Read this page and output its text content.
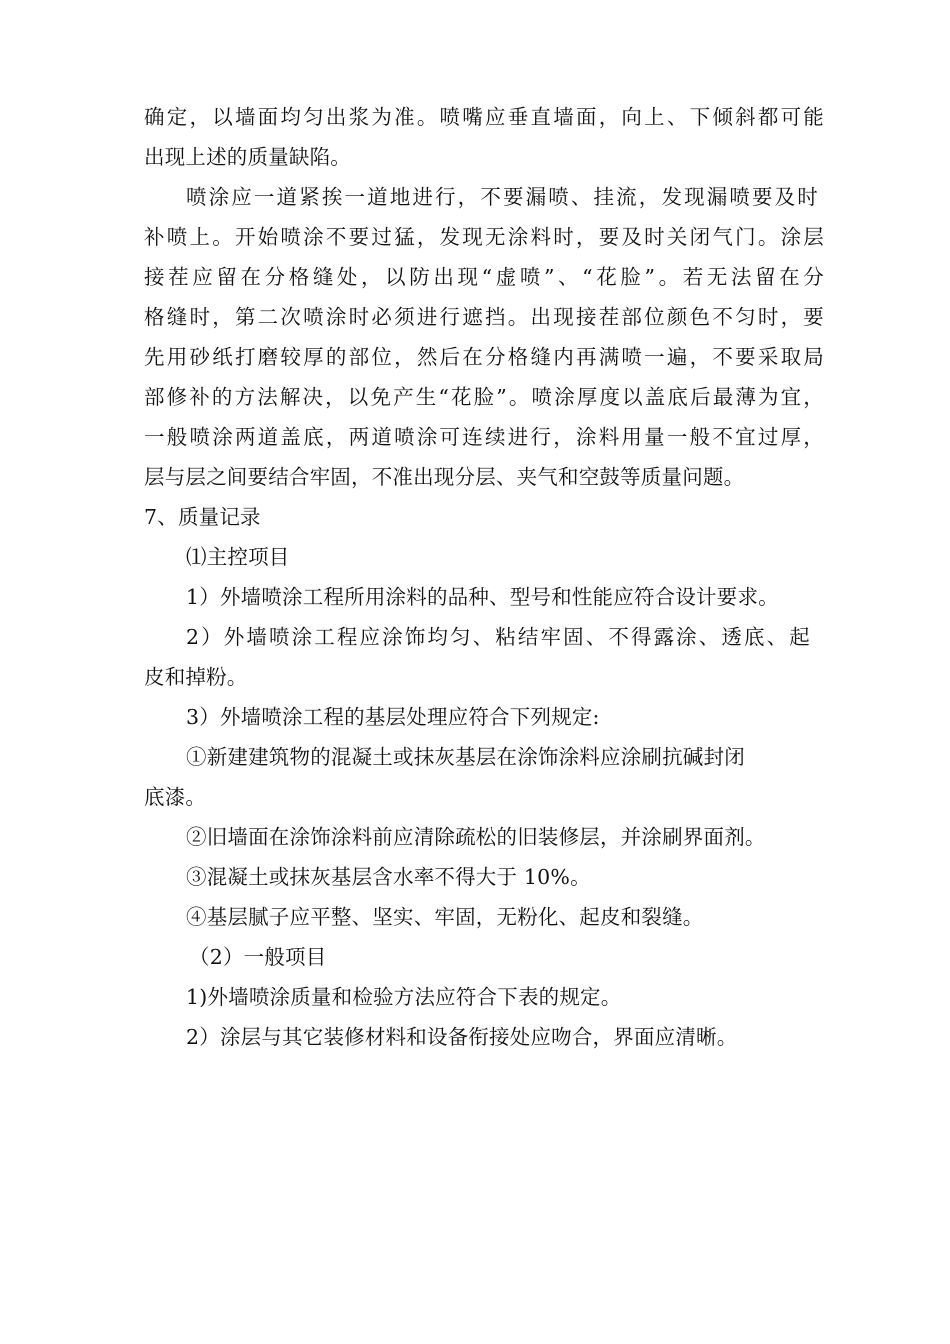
确定，以墙面均匀出浆为准。喷嘴应垂直墙面，向上、下倾斜都可能
出现上述的质量缺陷。
喷涂应一道紧挨一道地进行，不要漏喷、挂流，发现漏喷要及时
补喷上。开始喷涂不要过猛，发现无涂料时，要及时关闭气门。涂层
接茬应留在分格缝处，以防出现“虚喷”、“花脸”。若无法留在分
格缝时，第二次喷涂时必须进行遮挡。出现接茬部位颜色不匀时，要
先用砂纸打磨较厚的部位，然后在分格缝内再满喷一遍，不要采取局
部修补的方法解决，以免产生“花脸”。喷涂厚度以盖底后最薄为宜，
一般喷涂两道盖底，两道喷涂可连续进行，涂料用量一般不宜过厚，
层与层之间要结合牢固，不准出现分层、夹气和空鼓等质量问题。
7、质量记录
⑴主控项目
1）外墙喷涂工程所用涂料的品种、型号和性能应符合设计要求。
2）外墙喷涂工程应涂饰均匀、粘结牢固、不得露涂、透底、起
皮和掉粉。
3）外墙喷涂工程的基层处理应符合下列规定:
①新建建筑物的混凝土或抹灰基层在涂饰涂料应涂刷抗碱封闭
底漆。
②旧墙面在涂饰涂料前应清除疏松的旧装修层，并涂刷界面剂。
③混凝土或抹灰基层含水率不得大于 10%。
④基层腻子应平整、坚实、牢固，无粉化、起皮和裂缝。
（2）一般项目
1)外墙喷涂质量和检验方法应符合下表的规定。
2）涂层与其它装修材料和设备衔接处应吻合，界面应清晰。
